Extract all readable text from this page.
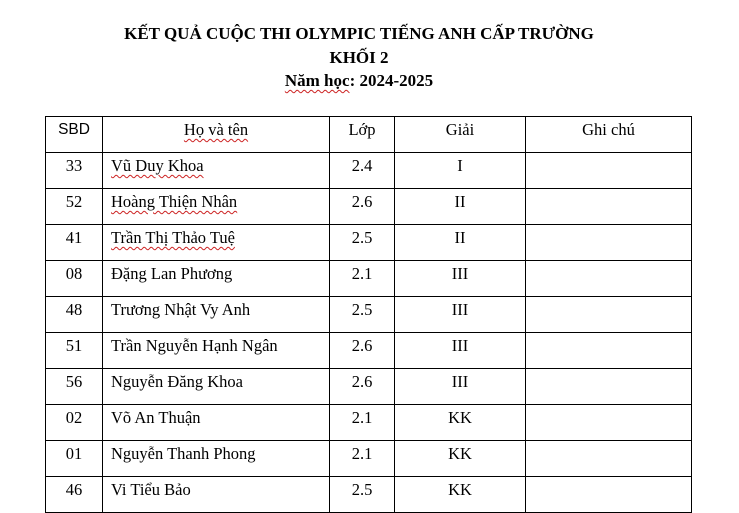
KẾT QUẢ CUỘC THI OLYMPIC TIẾNG ANH CẤP TRƯỜNG
KHỐI 2
Năm học: 2024-2025
SBD	Họ và tên	Lớp	Giải	Ghi chú
33	Vũ Duy Khoa	2.4	I	
52	Hoàng Thiện Nhân	2.6	II	
41	Trần Thị Thảo Tuệ	2.5	II	
08	Đặng Lan Phương	2.1	III	
48	Trương Nhật Vy Anh	2.5	III	
51	Trần Nguyễn Hạnh Ngân	2.6	III	
56	Nguyễn Đăng Khoa	2.6	III	
02	Võ An Thuận	2.1	KK	
01	Nguyễn Thanh Phong	2.1	KK	
46	Vi Tiểu Bảo	2.5	KK	
